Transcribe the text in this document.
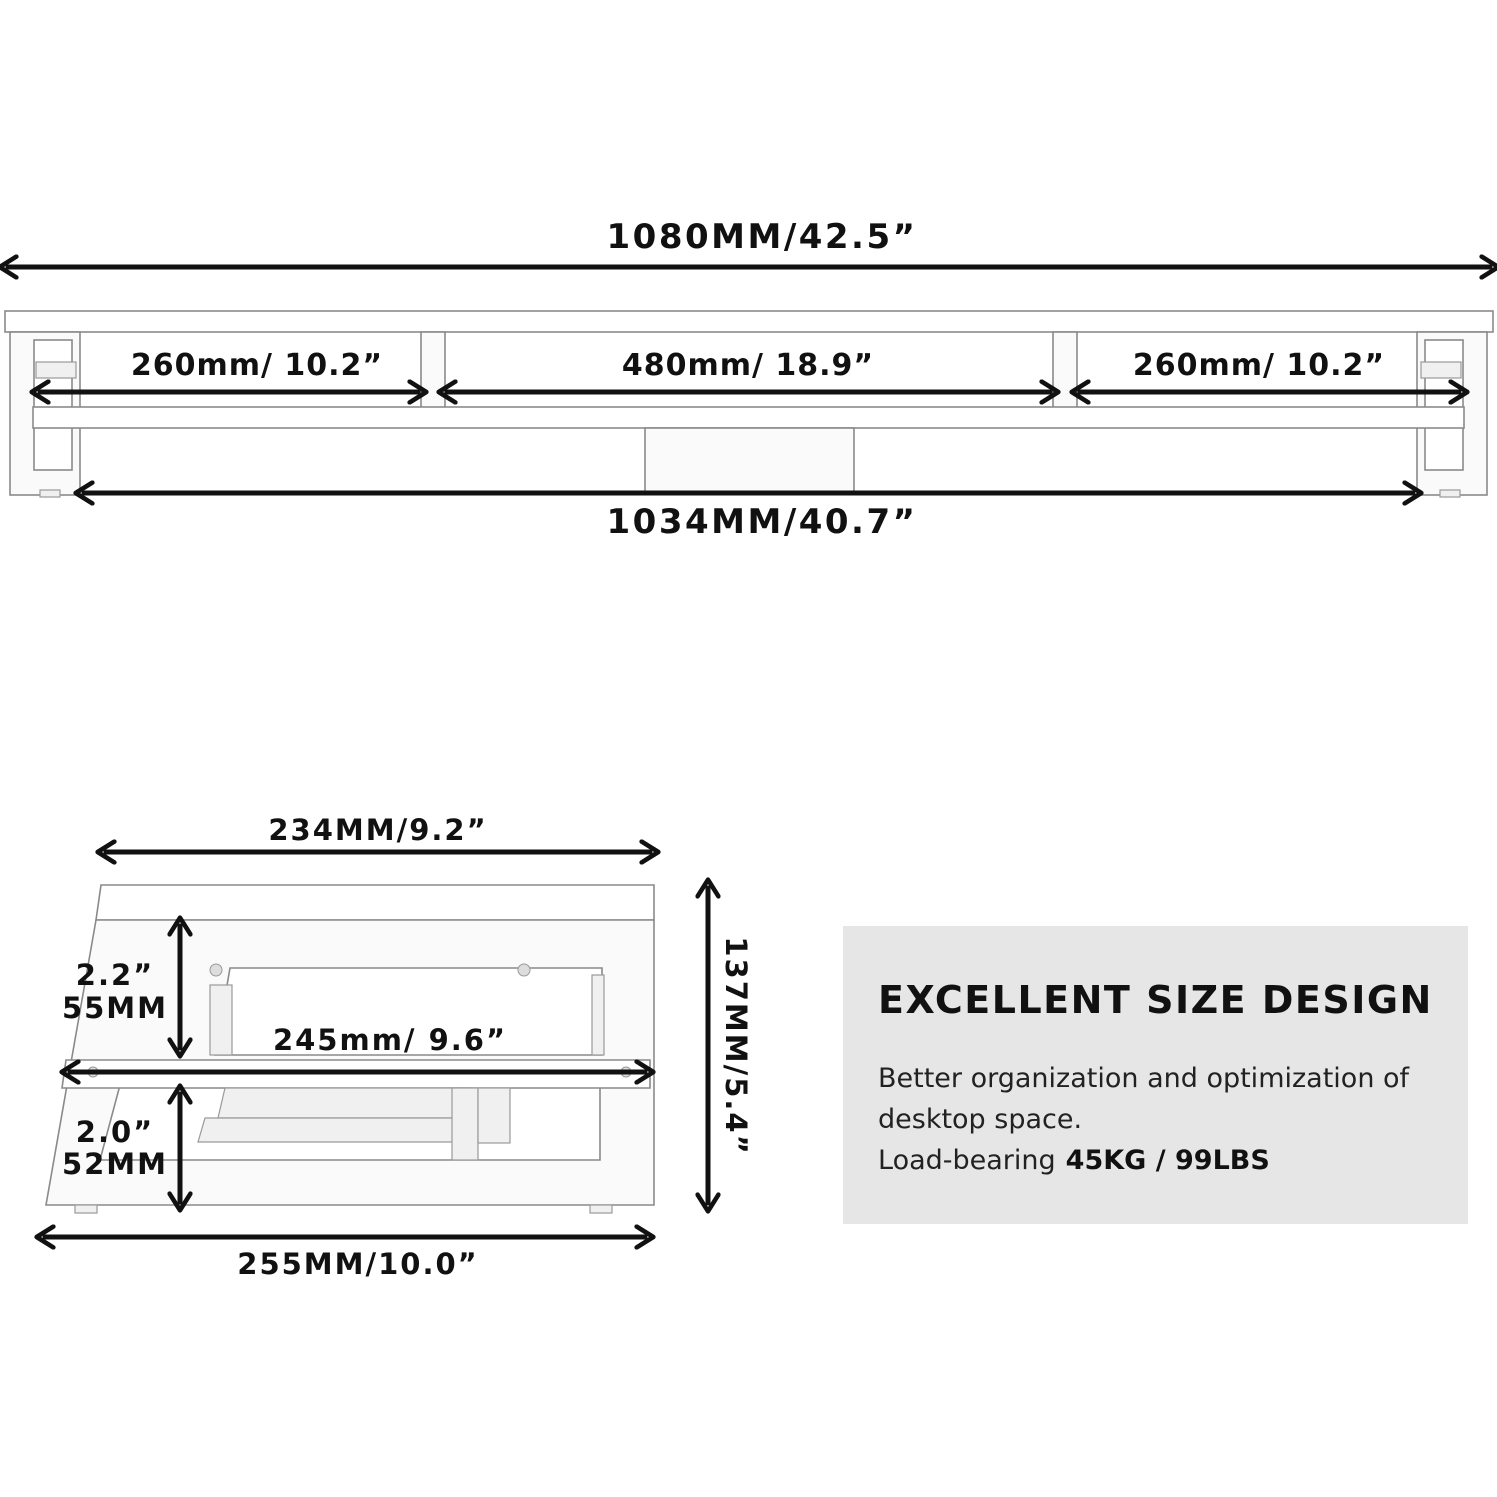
1080MM/42.5”
260mm/ 10.2”	480mm/ 18.9”	260mm/ 10.2”
1034MM/40.7”
234MM/9.2”
245mm/ 9.6”
255MM/10.0”
137MM/5.4”
2.2”
55MM
2.0”
52MM
EXCELLENT SIZE DESIGN
Better organization and optimization of
desktop space.
Load-bearing 45KG / 99LBS
